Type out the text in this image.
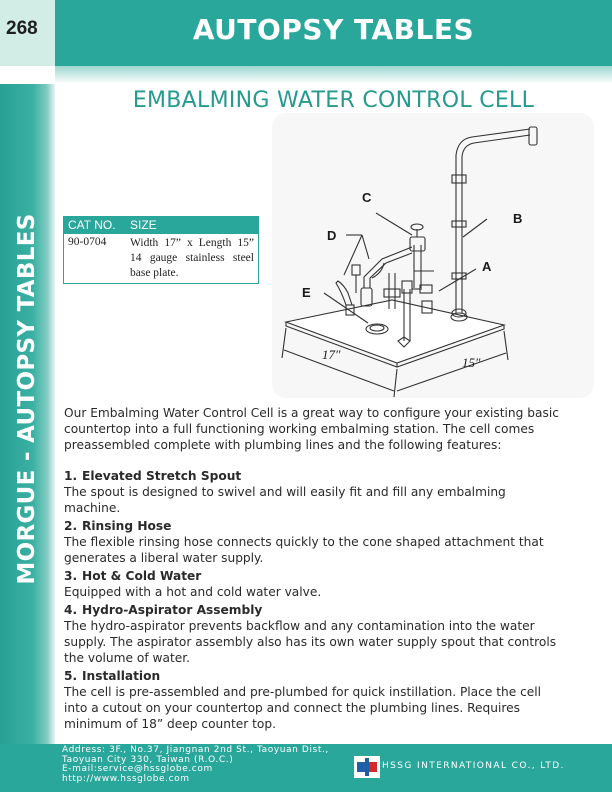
268	AUTOPSY TABLES
MORGUE - AUTOPSY TABLES
EMBALMING WATER CONTROL CELL
CAT NO.	SIZE
90-0704	Width 17” x Length 15” 14 gauge stainless steel base plate.
C
B
D
A
E
17″
15″
Our Embalming Water Control Cell is a great way to configure your existing basic countertop into a full functioning working embalming station. The cell comes preassembled complete with plumbing lines and the following features:
1. Elevated Stretch Spout
The spout is designed to swivel and will easily fit and fill any embalming machine.
2. Rinsing Hose
The flexible rinsing hose connects quickly to the cone shaped attachment that generates a liberal water supply.
3. Hot & Cold Water
Equipped with a hot and cold water valve.
4. Hydro-Aspirator Assembly
The hydro-aspirator prevents backflow and any contamination into the water supply. The aspirator assembly also has its own water supply spout that controls the volume of water.
5. Installation
The cell is pre-assembled and pre-plumbed for quick instillation. Place the cell into a cutout on your countertop and connect the plumbing lines. Requires minimum of 18” deep counter top.
Address: 3F., No.37, Jiangnan 2nd St., Taoyuan Dist.,
Taoyuan City 330, Taiwan (R.O.C.)
E-mail:service@hssglobe.com
http://www.hssglobe.com
HSSG INTERNATIONAL CO., LTD.
